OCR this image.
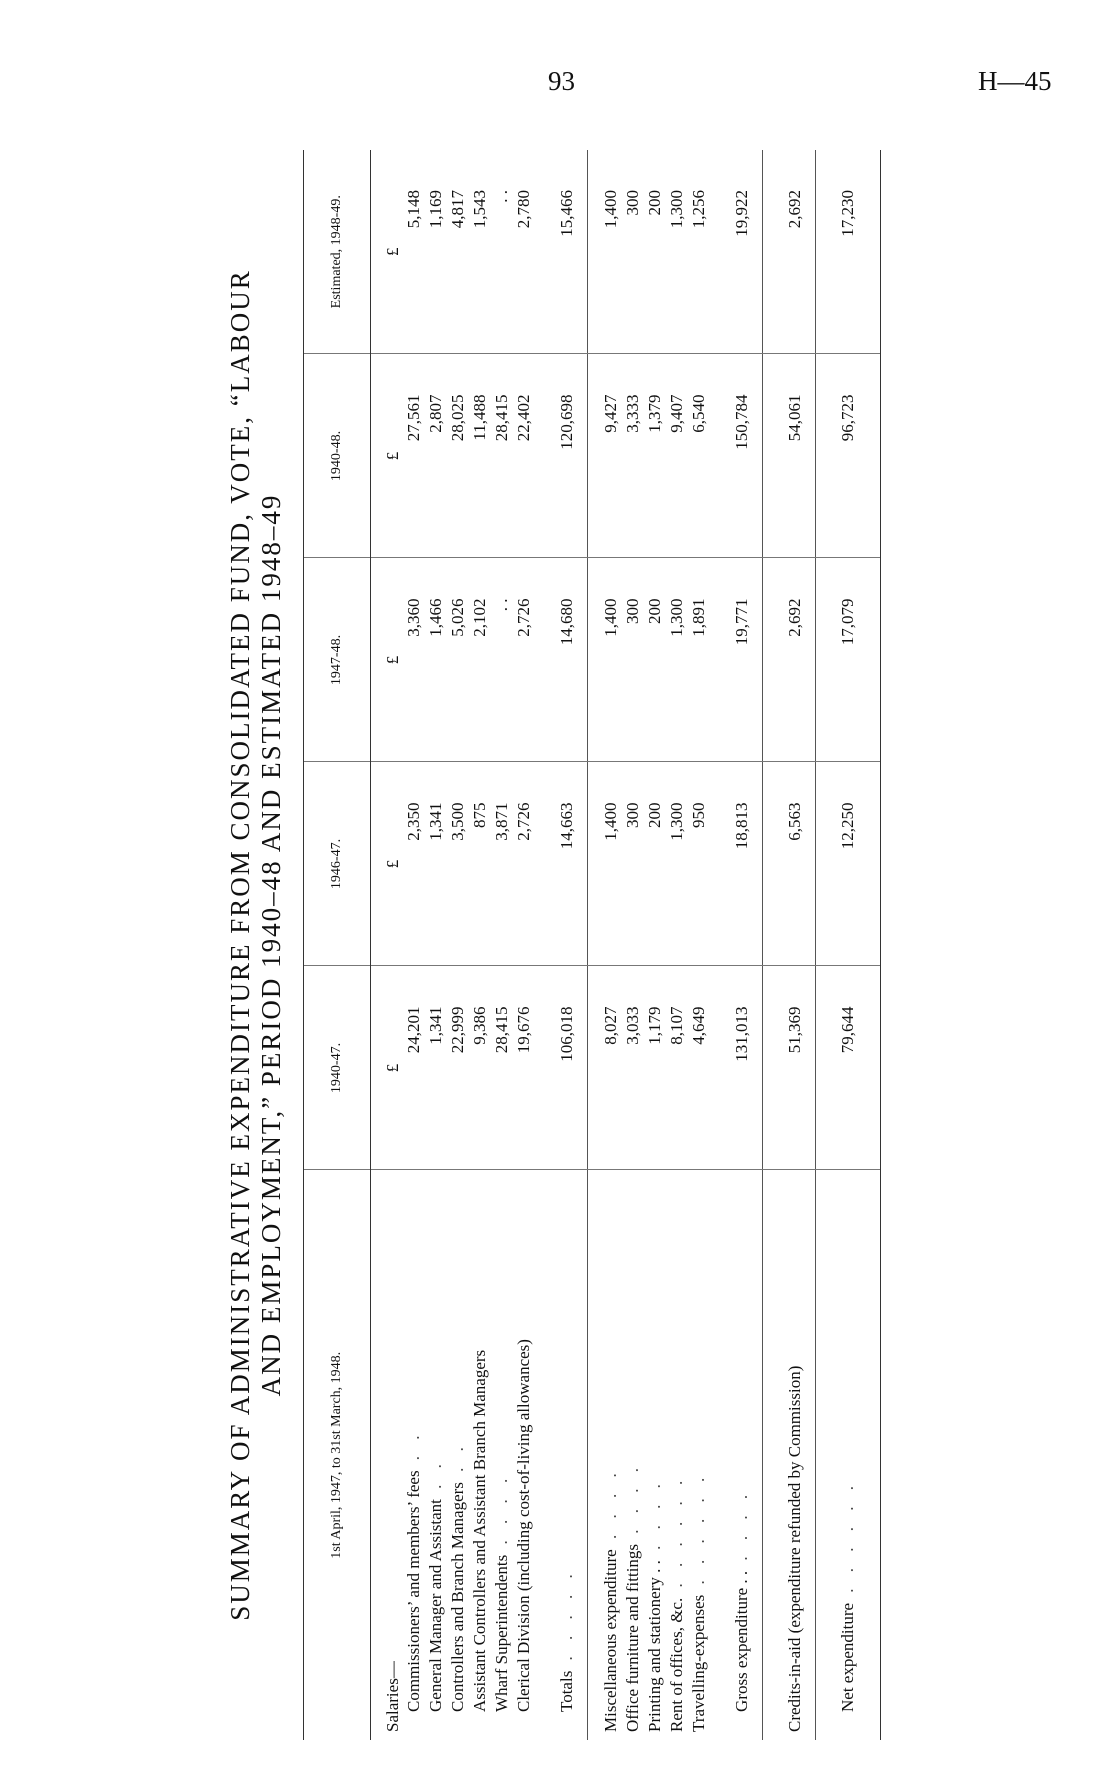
93	H—45
SUMMARY OF ADMINISTRATIVE EXPENDITURE FROM CONSOLIDATED FUND, VOTE, “LABOUR AND EMPLOYMENT,” PERIOD 1940–48 AND ESTIMATED 1948–49
1st April, 1947, to 31st March, 1948.	1940-47.	1946-47.	1947-48.	1940-48.	Estimated, 1948-49.

Salaries—	£	£	£	£	£
Commissioners’ and members’ fees . .	24,201	2,350	3,360	27,561	5,148
General Manager and Assistant . .	1,341	1,341	1,466	2,807	1,169
Controllers and Branch Managers . .	22,999	3,500	5,026	28,025	4,817
Assistant Controllers and Assistant Branch Managers	9,386	875	2,102	11,488	1,543
Wharf Superintendents . . . .	28,415	3,871	. .	28,415	. .
Clerical Division (including cost-of-living allowances)	19,676	2,726	2,726	22,402	2,780

Totals . . . . .	106,018	14,663	14,680	120,698	15,466

Miscellaneous expenditure . . . .	8,027	1,400	1,400	9,427	1,400
Office furniture and fittings . . . .	3,033	300	300	3,333	300
Printing and stationery . . . . . .	1,179	200	200	1,379	200
Rent of offices, &c. . . . . . .	8,107	1,300	1,300	9,407	1,300
Travelling-expenses . . . . . .	4,649	950	1,891	6,540	1,256

Gross expenditure . . . . . .	131,013	18,813	19,771	150,784	19,922

Credits-in-aid (expenditure refunded by Commission)	51,369	6,563	2,692	54,061	2,692

Net expenditure . . . . . .	79,644	12,250	17,079	96,723	17,230
